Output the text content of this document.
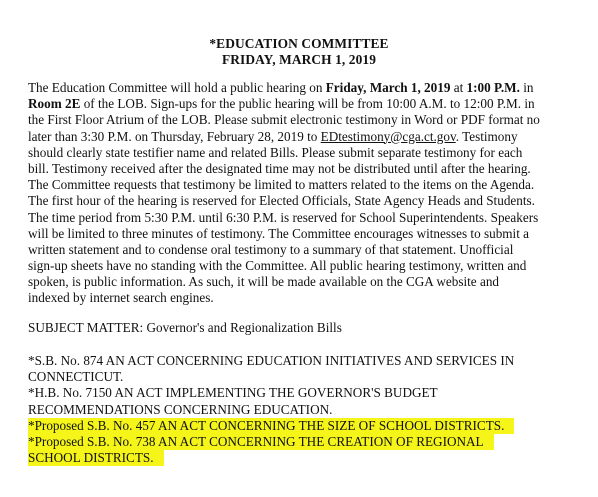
*EDUCATION COMMITTEE
FRIDAY, MARCH 1, 2019
The Education Committee will hold a public hearing on Friday, March 1, 2019 at 1:00 P.M. in
Room 2E of the LOB. Sign-ups for the public hearing will be from 10:00 A.M. to 12:00 P.M. in
the First Floor Atrium of the LOB. Please submit electronic testimony in Word or PDF format no
later than 3:30 P.M. on Thursday, February 28, 2019 to EDtestimony@cga.ct.gov. Testimony
should clearly state testifier name and related Bills. Please submit separate testimony for each
bill. Testimony received after the designated time may not be distributed until after the hearing.
The Committee requests that testimony be limited to matters related to the items on the Agenda.
The first hour of the hearing is reserved for Elected Officials, State Agency Heads and Students.
The time period from 5:30 P.M. until 6:30 P.M. is reserved for School Superintendents. Speakers
will be limited to three minutes of testimony. The Committee encourages witnesses to submit a
written statement and to condense oral testimony to a summary of that statement. Unofficial
sign-up sheets have no standing with the Committee. All public hearing testimony, written and
spoken, is public information. As such, it will be made available on the CGA website and
indexed by internet search engines.
SUBJECT MATTER: Governor's and Regionalization Bills
*S.B. No. 874 AN ACT CONCERNING EDUCATION INITIATIVES AND SERVICES IN
CONNECTICUT.
*H.B. No. 7150 AN ACT IMPLEMENTING THE GOVERNOR'S BUDGET
RECOMMENDATIONS CONCERNING EDUCATION.
*Proposed S.B. No. 457 AN ACT CONCERNING THE SIZE OF SCHOOL DISTRICTS.
*Proposed S.B. No. 738 AN ACT CONCERNING THE CREATION OF REGIONAL
SCHOOL DISTRICTS.
